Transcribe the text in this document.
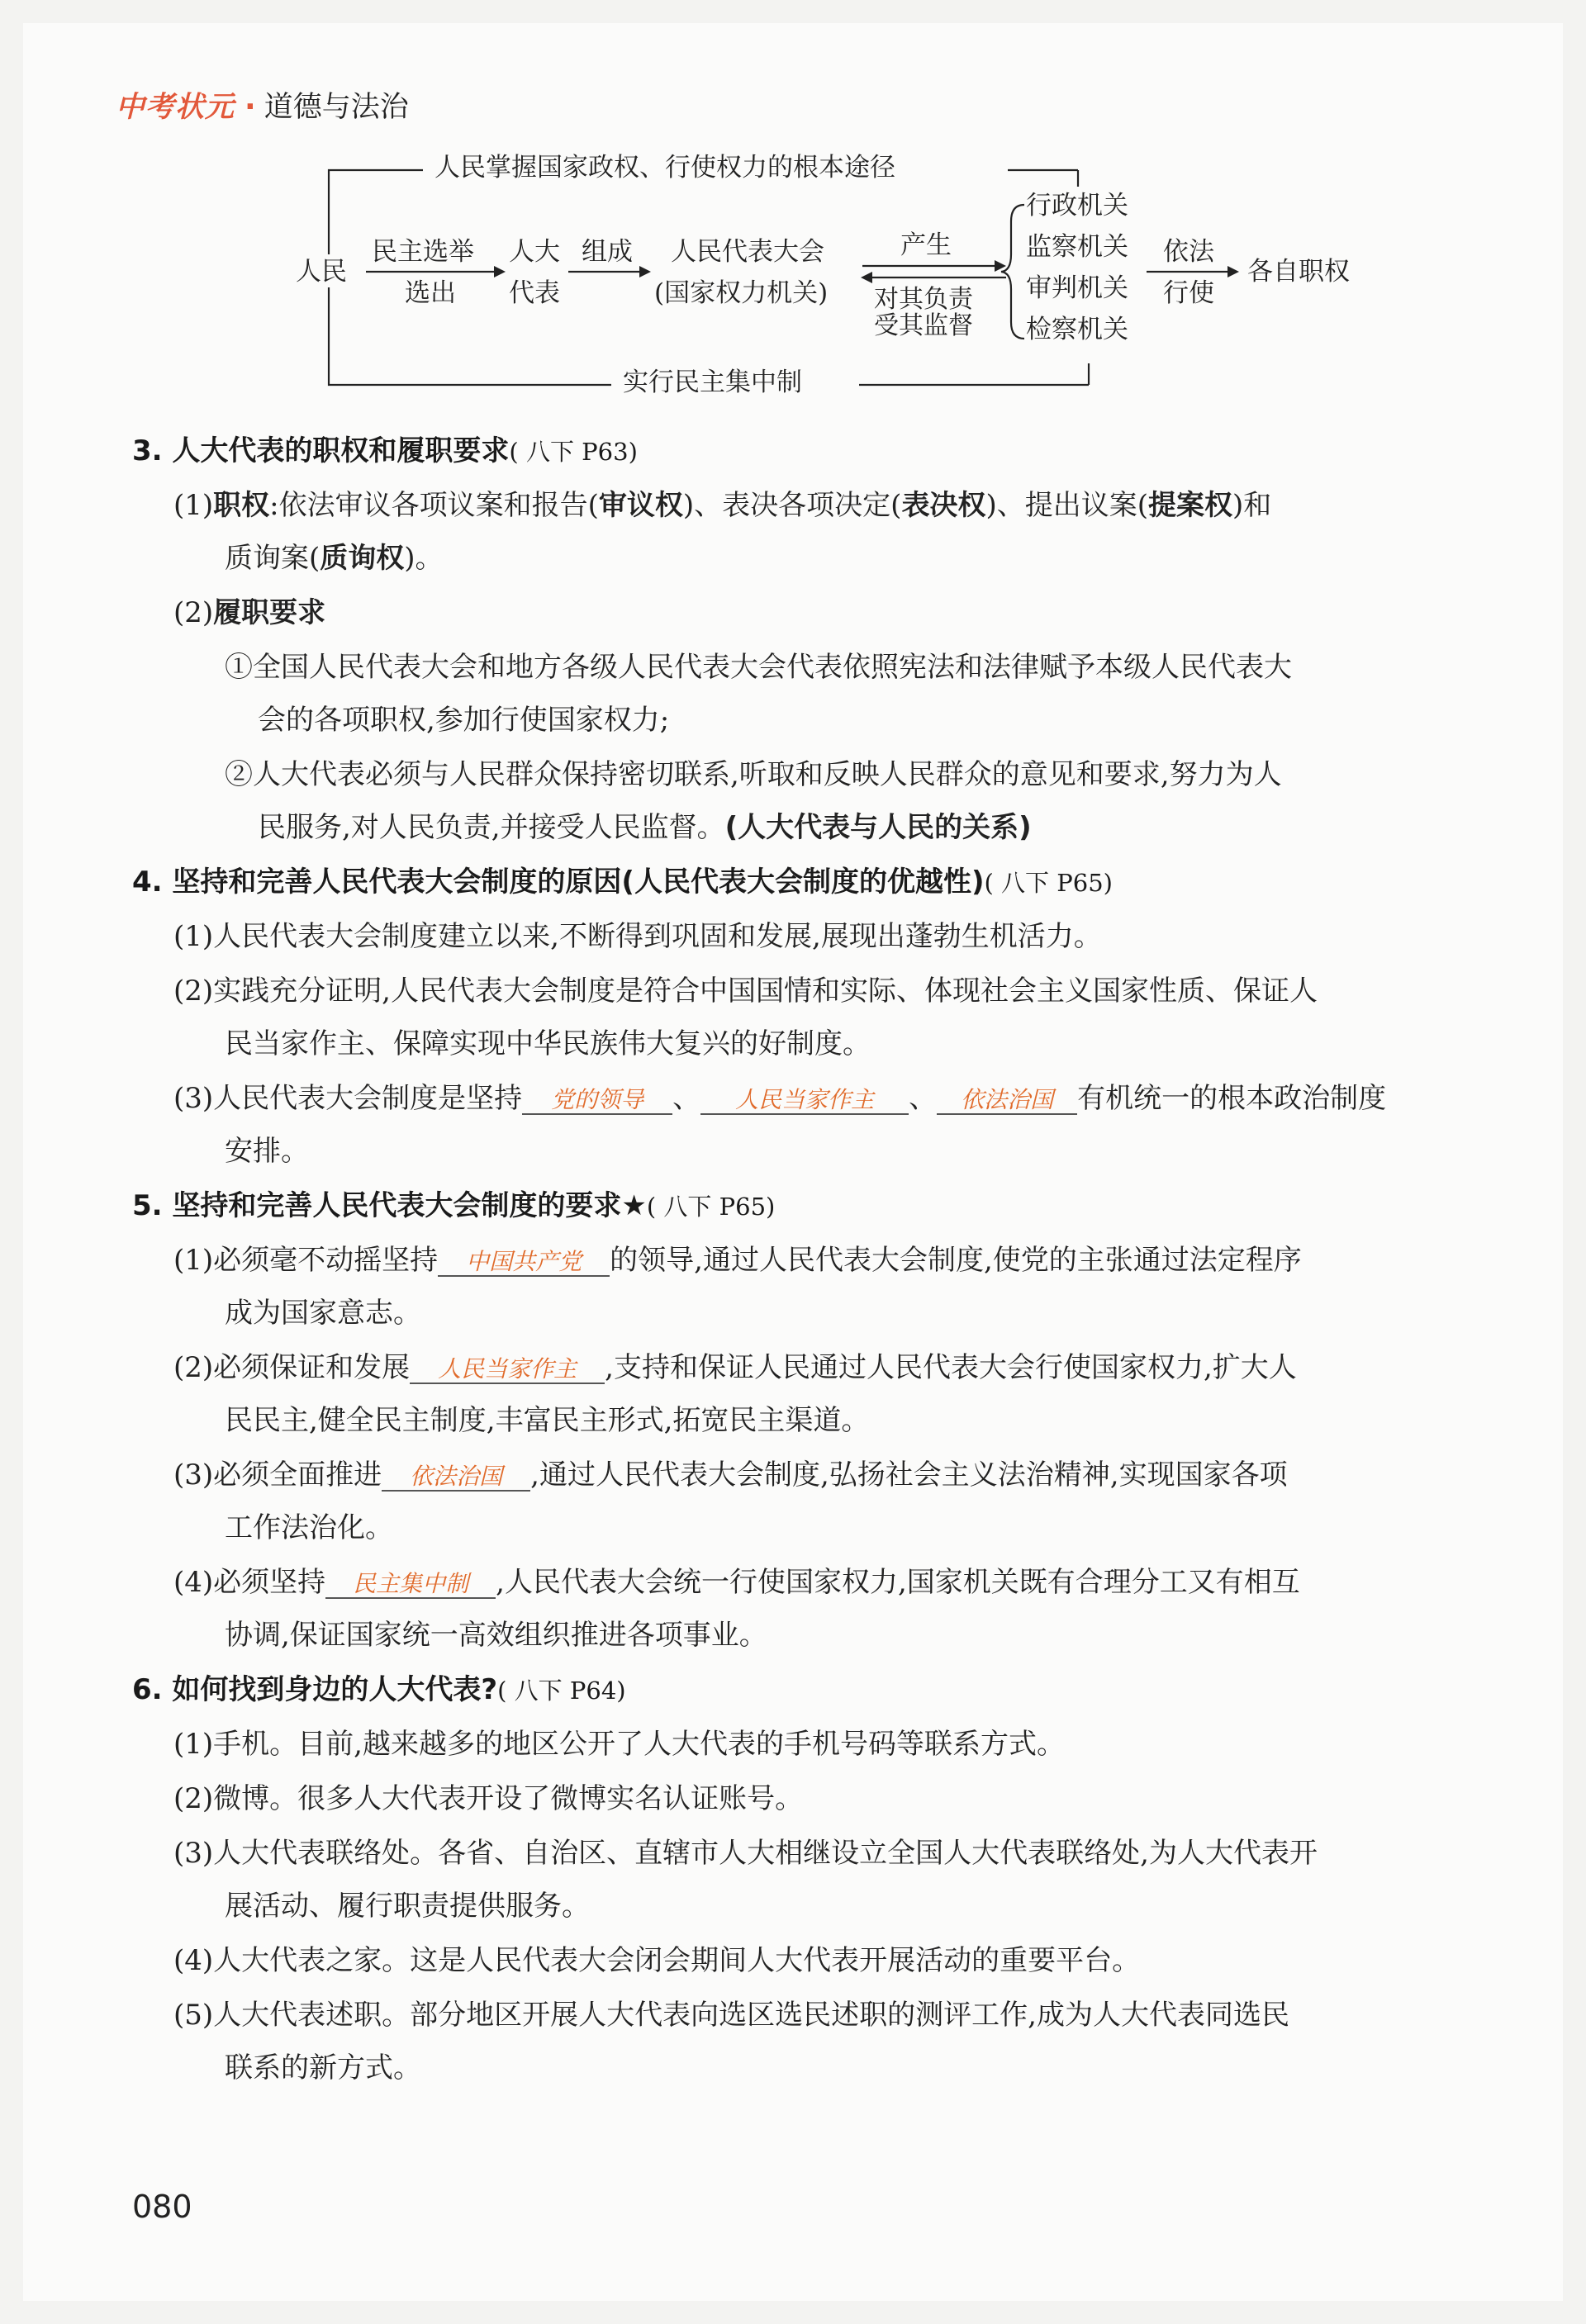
中考状元 · 道德与法治
人民掌握国家政权、行使权力的根本途径
实行民主集中制
人民
民主选举
选出
人大
代表
组成 人民代表大会
(国家权力机关)
产生
对其负责
受其监督
行政机关
监察机关
审判机关
检察机关
依法
行使
各自职权
3. 人大代表的职权和履职要求( 八下 P63)
(1)职权:依法审议各项议案和报告(审议权)、表决各项决定(表决权)、提出议案(提案权)和
质询案(质询权)。
(2)履职要求
①全国人民代表大会和地方各级人民代表大会代表依照宪法和法律赋予本级人民代表大
会的各项职权,参加行使国家权力;
②人大代表必须与人民群众保持密切联系,听取和反映人民群众的意见和要求,努力为人
民服务,对人民负责,并接受人民监督。(人大代表与人民的关系)
4. 坚持和完善人民代表大会制度的原因(人民代表大会制度的优越性)( 八下 P65)
(1)人民代表大会制度建立以来,不断得到巩固和发展,展现出蓬勃生机活力。
(2)实践充分证明,人民代表大会制度是符合中国国情和实际、体现社会主义国家性质、保证人
民当家作主、保障实现中华民族伟大复兴的好制度。
(3)人民代表大会制度是坚持 党的领导 、 人民当家作主 、 依法治国 有机统一的根本政治制度
安排。
5. 坚持和完善人民代表大会制度的要求★( 八下 P65)
(1)必须毫不动摇坚持 中国共产党 的领导,通过人民代表大会制度,使党的主张通过法定程序
成为国家意志。
(2)必须保证和发展 人民当家作主 ,支持和保证人民通过人民代表大会行使国家权力,扩大人
民民主,健全民主制度,丰富民主形式,拓宽民主渠道。
(3)必须全面推进 依法治国 ,通过人民代表大会制度,弘扬社会主义法治精神,实现国家各项
工作法治化。
(4)必须坚持 民主集中制 ,人民代表大会统一行使国家权力,国家机关既有合理分工又有相互
协调,保证国家统一高效组织推进各项事业。
6. 如何找到身边的人大代表?( 八下 P64)
(1)手机。目前,越来越多的地区公开了人大代表的手机号码等联系方式。
(2)微博。很多人大代表开设了微博实名认证账号。
(3)人大代表联络处。各省、自治区、直辖市人大相继设立全国人大代表联络处,为人大代表开
展活动、履行职责提供服务。
(4)人大代表之家。这是人民代表大会闭会期间人大代表开展活动的重要平台。
(5)人大代表述职。部分地区开展人大代表向选区选民述职的测评工作,成为人大代表同选民
联系的新方式。
080
